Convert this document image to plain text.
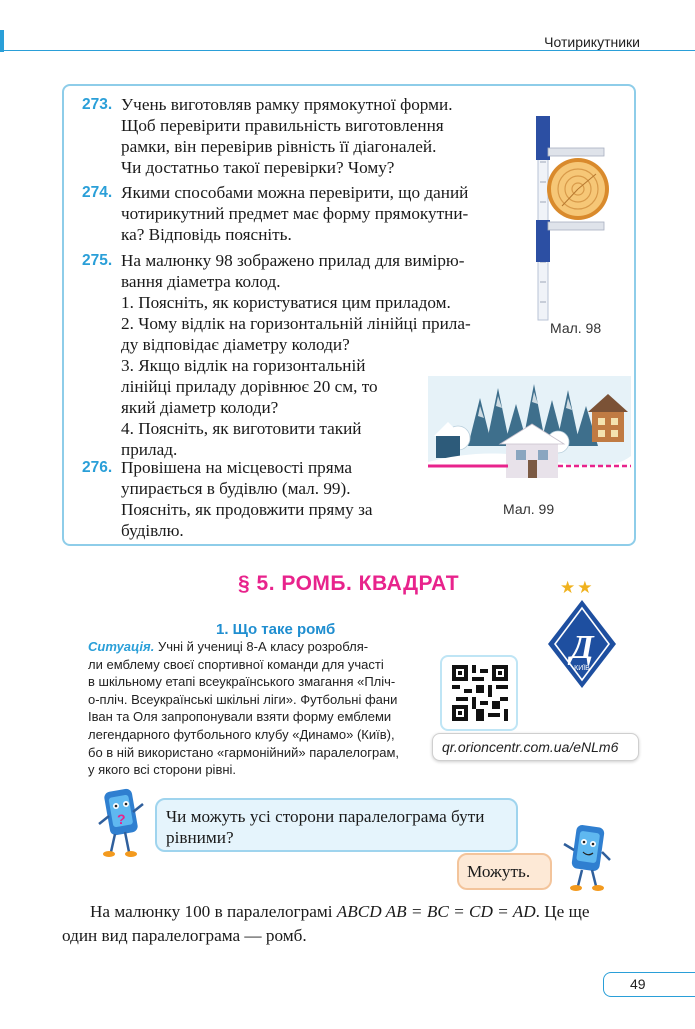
Чотирикутники
273. Учень виготовляв рамку прямокутної форми.
Щоб перевірити правильність виготовлення
рамки, він перевірив рівність її діагоналей.
Чи достатньо такої перевірки? Чому?
274. Якими способами можна перевірити, що даний
чотирикутний предмет має форму прямокутни-
ка? Відповідь поясніть.
275. На малюнку 98 зображено прилад для вимірю-
вання діаметра колод.
1. Поясніть, як користуватися цим приладом.
2. Чому відлік на горизонтальній лінійці прила-
ду відповідає діаметру колоди?
3. Якщо відлік на горизонтальній
лінійці приладу дорівнює 20 см, то
який діаметр колоди?
4. Поясніть, як виготовити такий
прилад.
276. Провішена на місцевості пряма
упирається в будівлю (мал. 99).
Поясніть, як продовжити пряму за
будівлю.
Мал. 98
Мал. 99
§ 5. РОМБ. КВАДРАТ
1. Що таке ромб
Ситуація. Учні й учениці 8-А класу розробля-
ли емблему своєї спортивної команди для участі
в шкільному етапі всеукраїнського змагання «Пліч-
о-пліч. Всеукраїнські шкільні ліги». Футбольні фани
Іван та Оля запропонували взяти форму емблеми
легендарного футбольного клубу «Динамо» (Київ),
бо в ній використано «гармонійний» паралелограм,
у якого всі сторони рівні.
★★
Д
КИЇВ
qr.orioncentr.com.ua/eNLm6
? Чи можуть усі сторони паралелограма бути
рівними?
Можуть.
На малюнку 100 в паралелограмі ABCD AB = BC = CD = AD. Це ще
один вид паралелограма — ромб.
49
